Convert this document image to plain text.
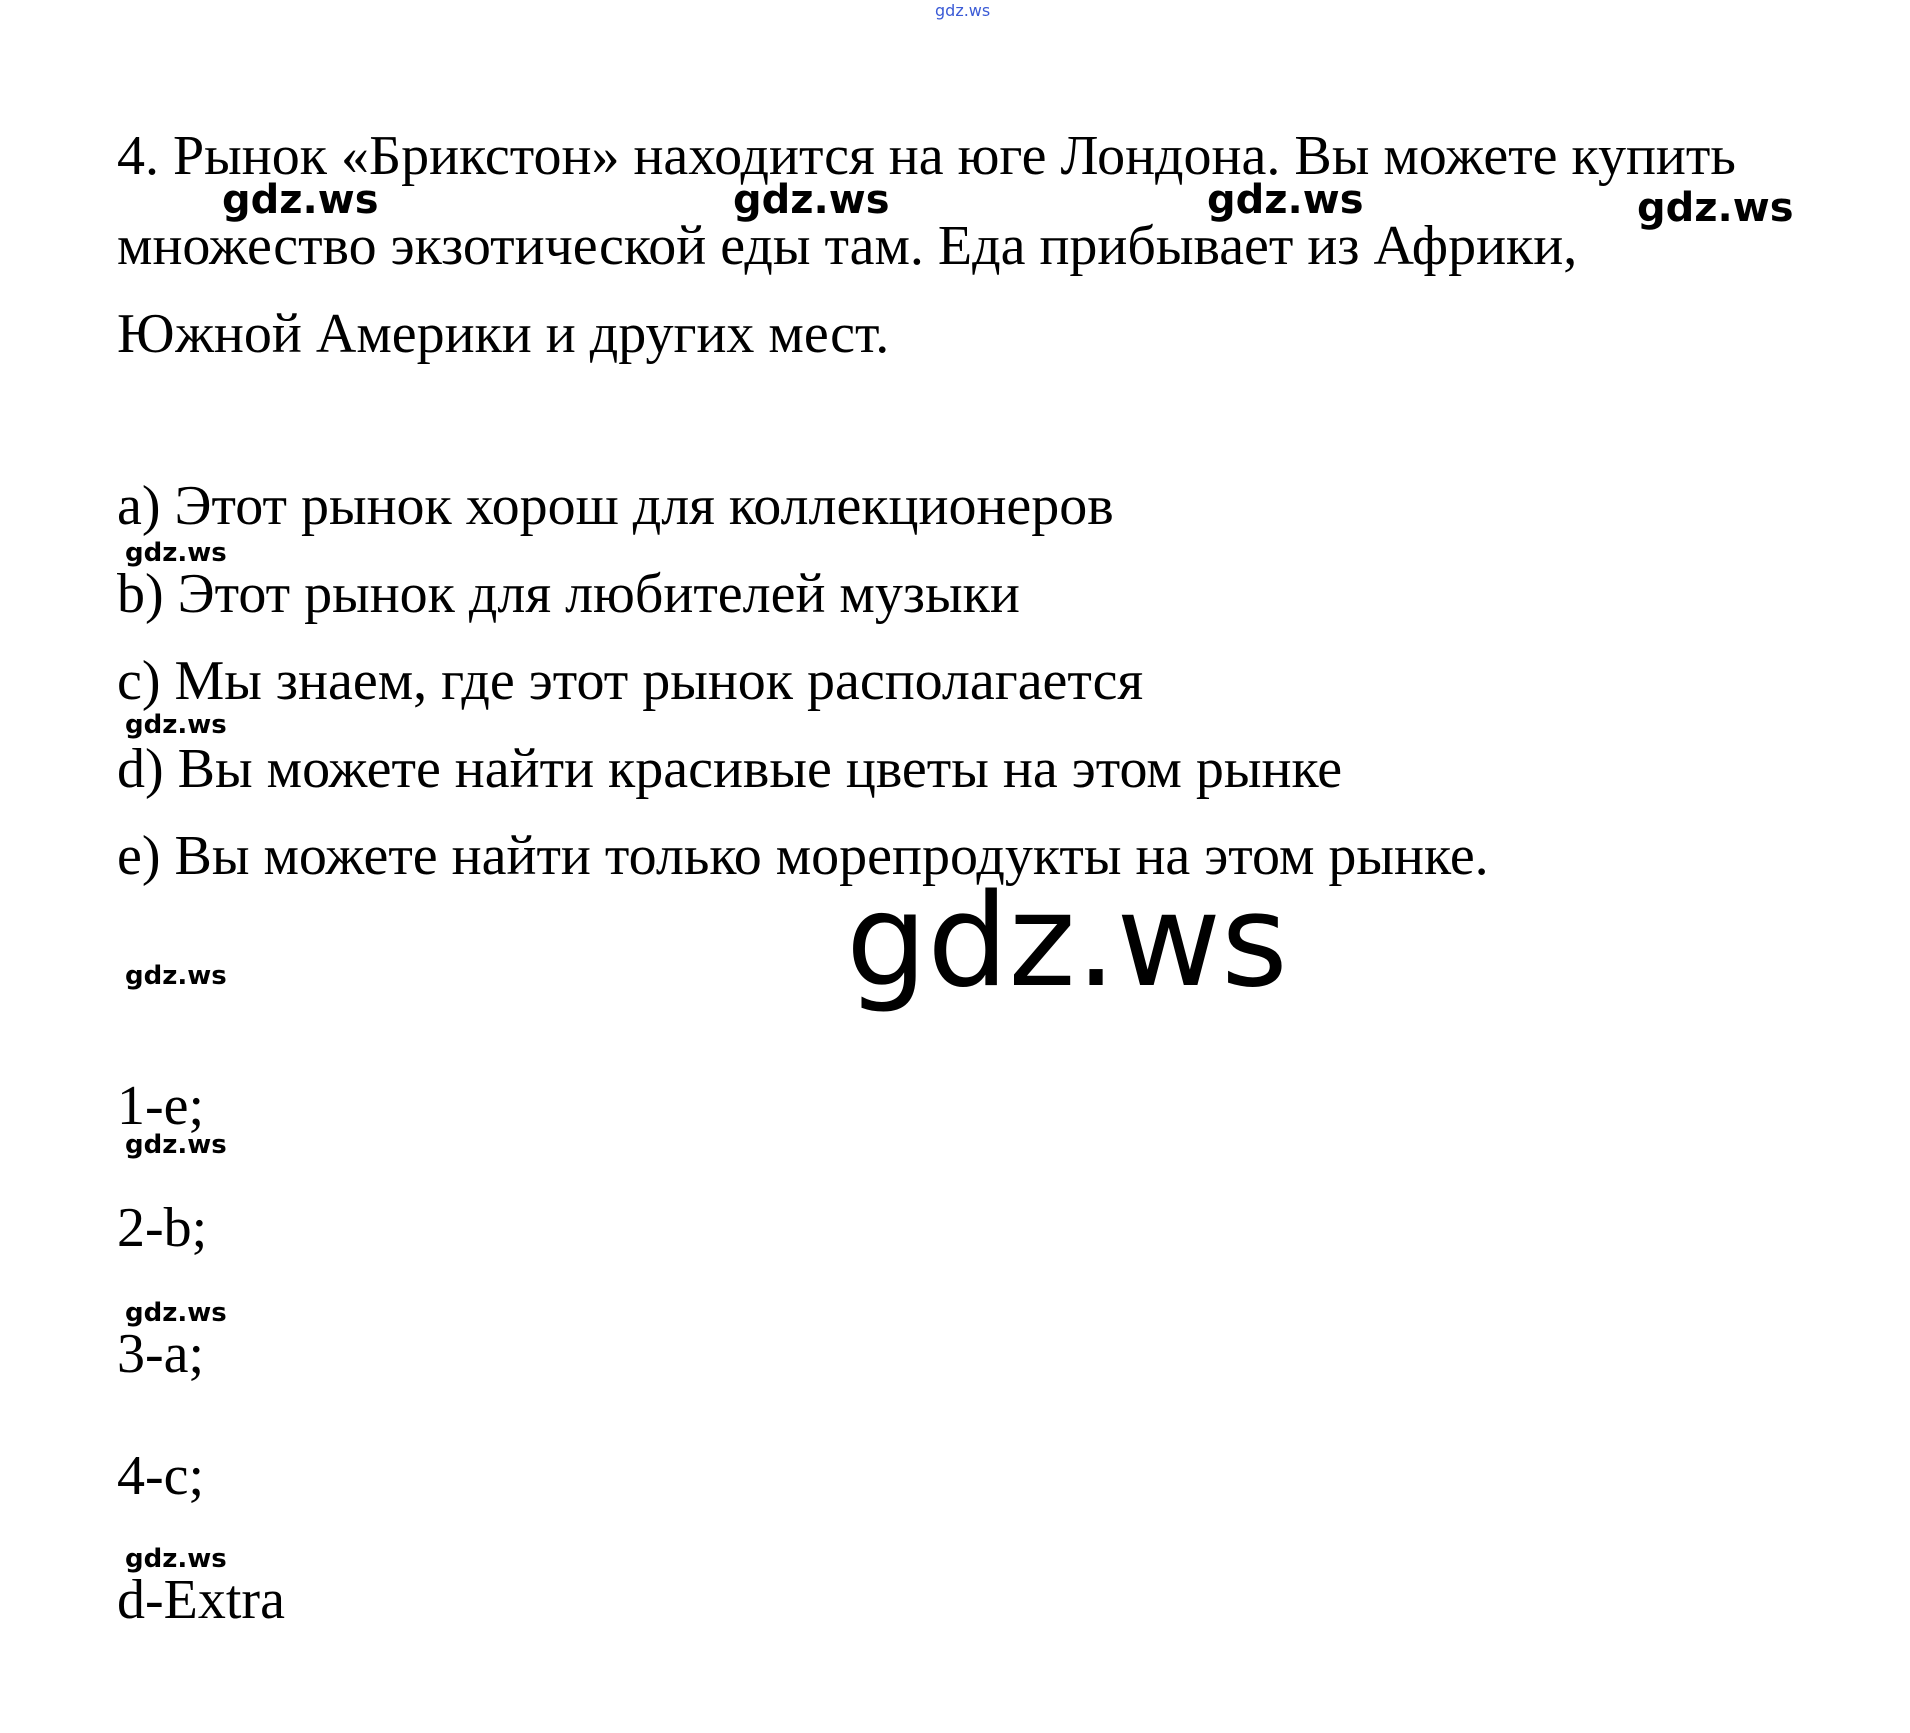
gdz.ws
4. Рынок «Брикстон» находится на юге Лондона. Вы можете купить
множество экзотической еды там. Еда прибывает из Африки,
Южной Америки и других мест.
gdz.ws	gdz.ws	gdz.ws	gdz.ws
a) Этот рынок хорош для коллекционеров
gdz.ws
b) Этот рынок для любителей музыки
c) Мы знаем, где этот рынок располагается
gdz.ws
d) Вы можете найти красивые цветы на этом рынке
e) Вы можете найти только морепродукты на этом рынке.
gdz.ws
gdz.ws
1-e;
gdz.ws
2-b;
gdz.ws
3-a;
4-c;
gdz.ws
d-Extra
